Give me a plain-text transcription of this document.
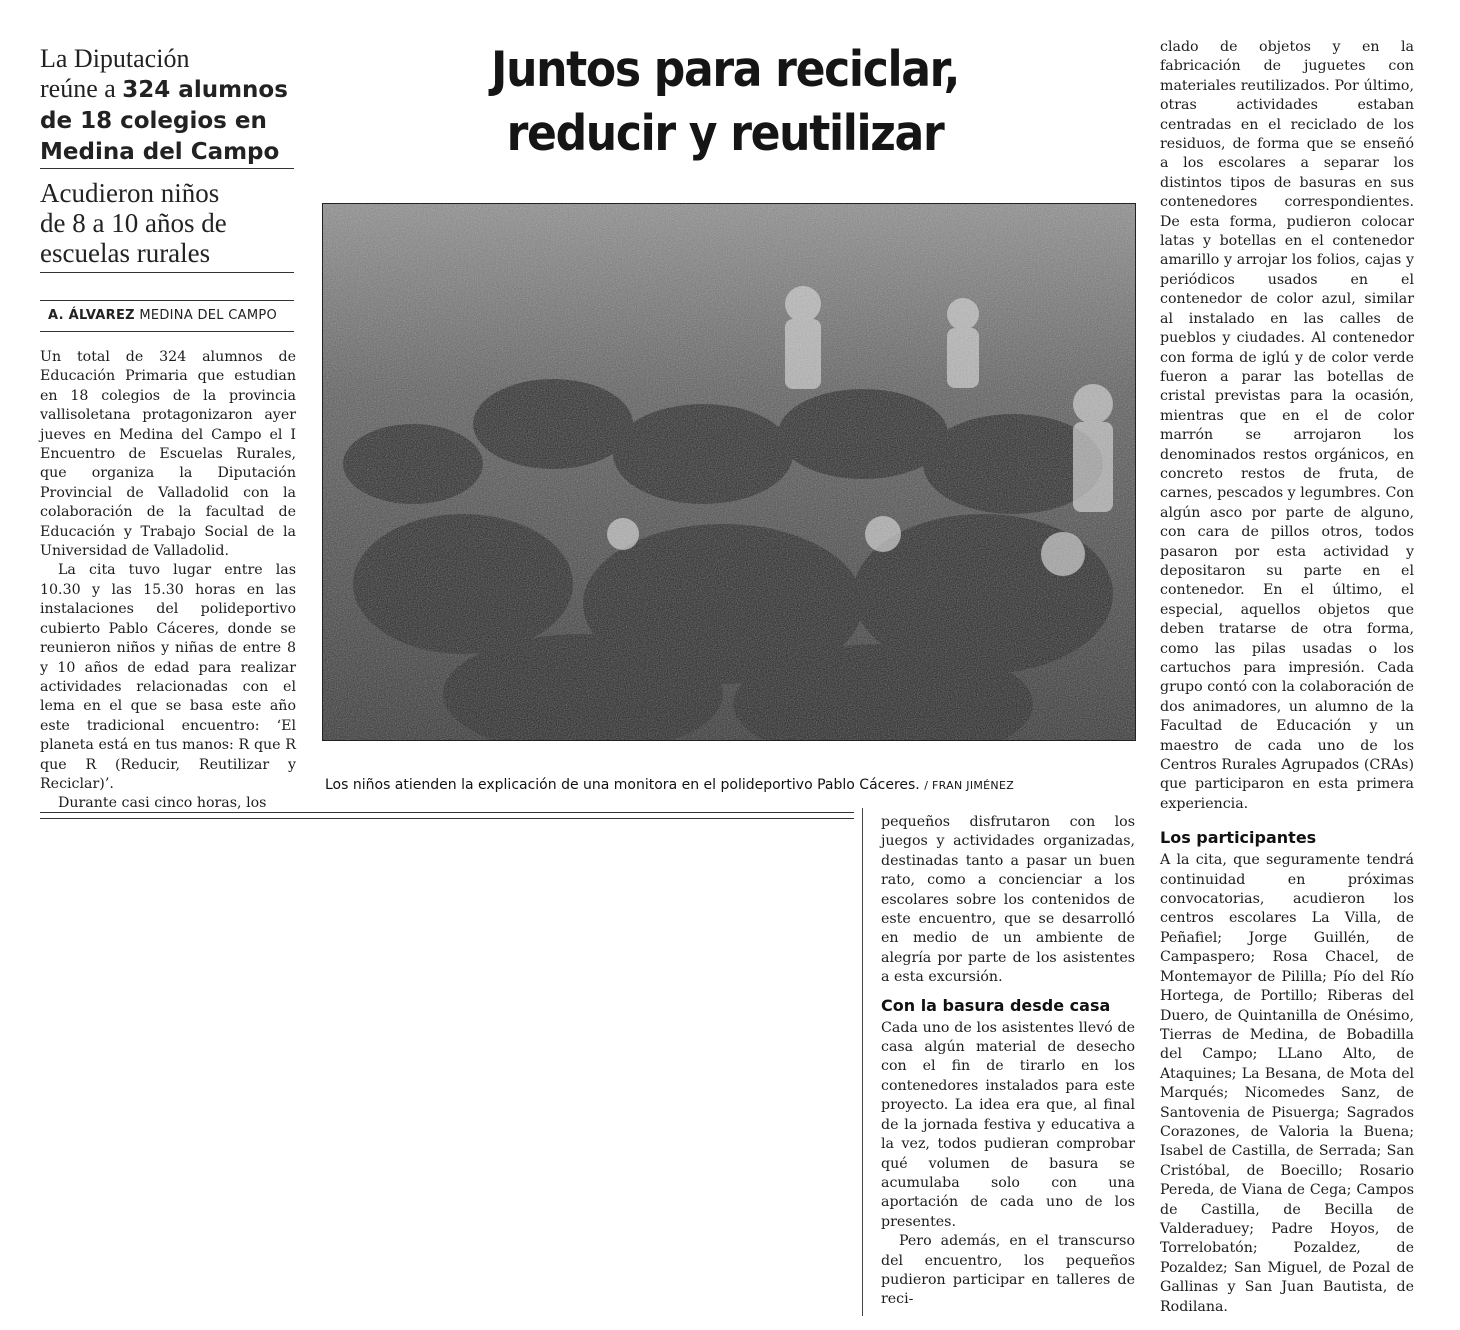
La Diputación
reúne a 324 alumnos
de 18 colegios en
Medina del Campo
Acudieron niños
de 8 a 10 años de
escuelas rurales
A. ÁLVAREZ MEDINA DEL CAMPO
Juntos para reciclar,
reducir y reutilizar
Los niños atienden la explicación de una monitora en el polideportivo Pablo Cáceres. / FRAN JIMÉNEZ

Un total de 324 alumnos de Educación Primaria que estudian en 18 colegios de la provincia vallisoletana protagonizaron ayer jueves en Medina del Campo el I Encuentro de Escuelas Rurales, que organiza la Diputación Provincial de Valladolid con la colaboración de la facultad de Educación y Trabajo Social de la Universidad de Valladolid.

La cita tuvo lugar entre las 10.30 y las 15.30 horas en las instalaciones del polideportivo cubierto Pablo Cáceres, donde se reunieron niños y niñas de entre 8 y 10 años de edad para realizar actividades relacionadas con el lema en el que se basa este año este tradicional encuentro: ‘El planeta está en tus manos: R que R que R (Reducir, Reutilizar y Reciclar)’.

Durante casi cinco horas, los

pequeños disfrutaron con los juegos y actividades organizadas, destinadas tanto a pasar un buen rato, como a concienciar a los escolares sobre los contenidos de este encuentro, que se desarrolló en medio de un ambiente de alegría por parte de los asistentes a esta excursión.

Con la basura desde casa

Cada uno de los asistentes llevó de casa algún material de desecho con el fin de tirarlo en los contenedores instalados para este proyecto. La idea era que, al final de la jornada festiva y educativa a la vez, todos pudieran comprobar qué volumen de basura se acumulaba solo con una aportación de cada uno de los presentes.

Pero además, en el transcurso del encuentro, los pequeños pudieron participar en talleres de reci-

clado de objetos y en la fabricación de juguetes con materiales reutilizados. Por último, otras actividades estaban centradas en el reciclado de los residuos, de forma que se enseñó a los escolares a separar los distintos tipos de basuras en sus contenedores correspondientes. De esta forma, pudieron colocar latas y botellas en el contenedor amarillo y arrojar los folios, cajas y periódicos usados en el contenedor de color azul, similar al instalado en las calles de pueblos y ciudades. Al contenedor con forma de iglú y de color verde fueron a parar las botellas de cristal previstas para la ocasión, mientras que en el de color marrón se arrojaron los denominados restos orgánicos, en concreto restos de fruta, de carnes, pescados y legumbres. Con algún asco por parte de alguno, con cara de pillos otros, todos pasaron por esta actividad y depositaron su parte en el contenedor. En el último, el especial, aquellos objetos que deben tratarse de otra forma, como las pilas usadas o los cartuchos para impresión. Cada grupo contó con la colaboración de dos animadores, un alumno de la Facultad de Educación y un maestro de cada uno de los Centros Rurales Agrupados (CRAs) que participaron en esta primera experiencia.

Los participantes

A la cita, que seguramente tendrá continuidad en próximas convocatorias, acudieron los centros escolares La Villa, de Peñafiel; Jorge Guillén, de Campaspero; Rosa Chacel, de Montemayor de Pililla; Pío del Río Hortega, de Portillo; Riberas del Duero, de Quintanilla de Onésimo, Tierras de Medina, de Bobadilla del Campo; LLano Alto, de Ataquines; La Besana, de Mota del Marqués; Nicomedes Sanz, de Santovenia de Pisuerga; Sagrados Corazones, de Valoria la Buena; Isabel de Castilla, de Serrada; San Cristóbal, de Boecillo; Rosario Pereda, de Viana de Cega; Campos de Castilla, de Becilla de Valderaduey; Padre Hoyos, de Torrelobatón; Pozaldez, de Pozaldez; San Miguel, de Pozal de Gallinas y San Juan Bautista, de Rodilana.
